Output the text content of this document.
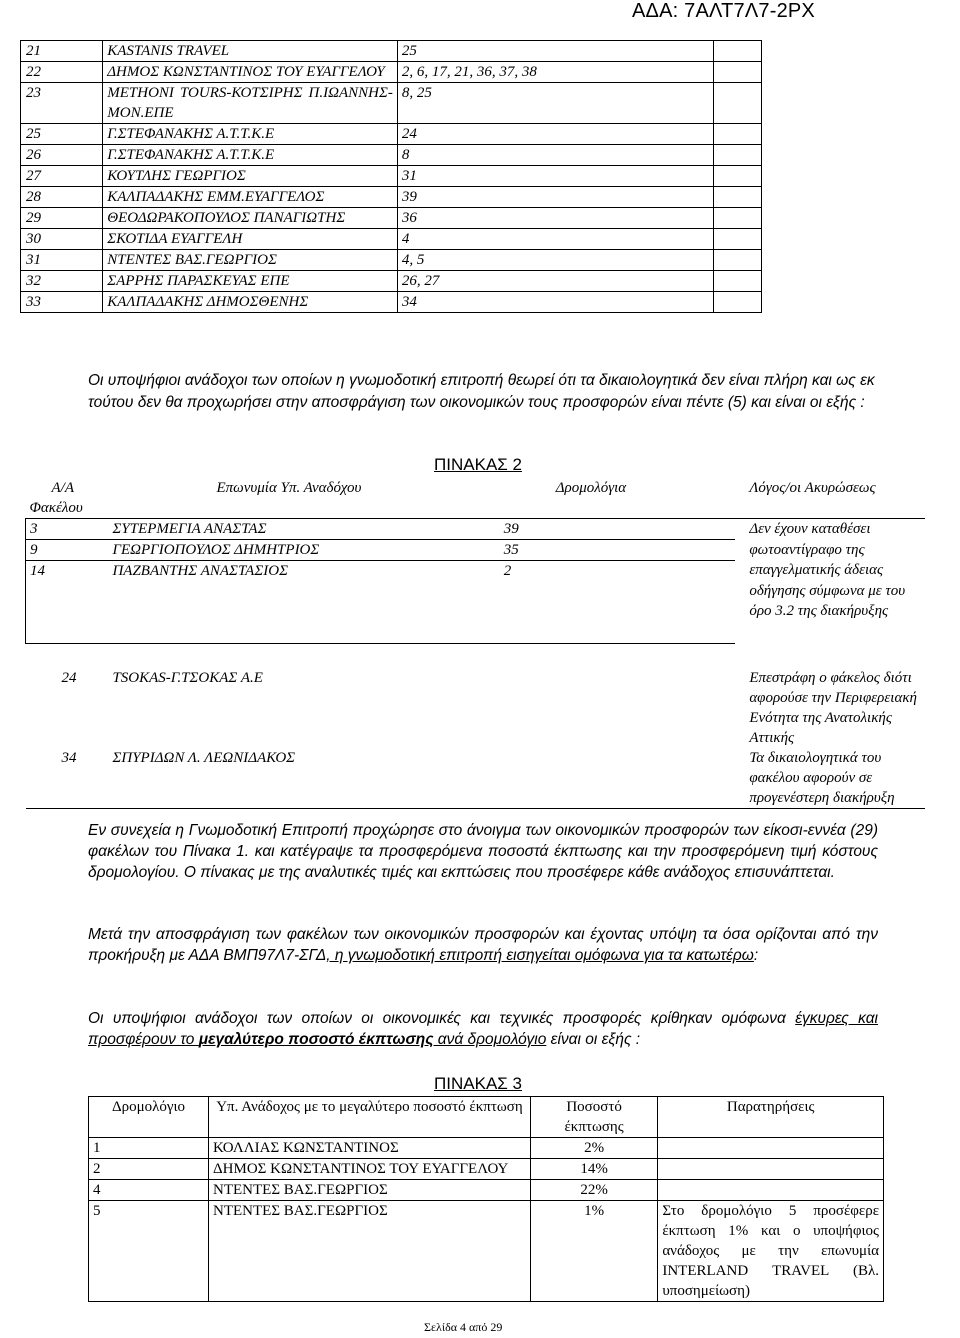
ΑΔΑ: 7ΑΛΤ7Λ7-2ΡΧ
21	KASTANIS TRAVEL	25	
22	ΔΗΜΟΣ ΚΩΝΣΤΑΝΤΙΝΟΣ ΤΟΥ ΕΥΑΓΓΕΛΟΥ	2, 6, 17, 21, 36, 37, 38	
23	ΜΕΤΗΟΝΙ TOURS-ΚΟΤΣΙΡΗΣ Π.ΙΩΑΝΝΗΣ- ΜΟΝ.ΕΠΕ	8, 25	
25	Γ.ΣΤΕΦΑΝΑΚΗΣ Α.Τ.Τ.Κ.Ε	24	
26	Γ.ΣΤΕΦΑΝΑΚΗΣ Α.Τ.Τ.Κ.Ε	8	
27	ΚΟΥΤΛΗΣ ΓΕΩΡΓΙΟΣ	31	
28	ΚΑΛΠΑΔΑΚΗΣ ΕΜΜ.ΕΥΑΓΓΕΛΟΣ	39	
29	ΘΕΟΔΩΡΑΚΟΠΟΥΛΟΣ ΠΑΝΑΓΙΩΤΗΣ	36	
30	ΣΚΟΤΙΔΑ ΕΥΑΓΓΕΛΗ	4	
31	ΝΤΕΝΤΕΣ ΒΑΣ.ΓΕΩΡΓΙΟΣ	4, 5	
32	ΣΑΡΡΗΣ ΠΑΡΑΣΚΕΥΑΣ ΕΠΕ	26, 27	
33	ΚΑΛΠΑΔΑΚΗΣ ΔΗΜΟΣΘΕΝΗΣ	34	
Οι υποψήφιοι ανάδοχοι των οποίων η γνωμοδοτική επιτροπή θεωρεί ότι τα δικαιολογητικά δεν είναι πλήρη και ως εκ τούτου δεν θα προχωρήσει στην αποσφράγιση των οικονομικών τους προσφορών είναι πέντε (5) και είναι οι εξής :
ΠΙΝΑΚΑΣ 2
Α/Α
Φακέλου	Επωνυμία Υπ. Αναδόχου	Δρομολόγια	Λόγος/οι Ακυρώσεως
3	ΣΥΤΕΡΜΕΓΙΑ ΑΝΑΣΤΑΣ	39	Δεν έχουν καταθέσει φωτοαντίγραφο της επαγγελματικής άδειας οδήγησης σύμφωνα με του όρο 3.2 της διακήρυξης
9	ΓΕΩΡΓΙΟΠΟΥΛΟΣ ΔΗΜΗΤΡΙΟΣ	35	
14	ΠΑΖΒΑΝΤΗΣ ΑΝΑΣΤΑΣΙΟΣ	2	
24	TSOKAS-Γ.ΤΣΟΚΑΣ Α.Ε		Επεστράφη ο φάκελος διότι αφορούσε την Περιφερειακή Ενότητα της Ανατολικής Αττικής
34	ΣΠΥΡΙΔΩΝ Λ. ΛΕΩΝΙΔΑΚΟΣ		Τα δικαιολογητικά του φακέλου αφορούν σε προγενέστερη διακήρυξη
Εν συνεχεία η Γνωμοδοτική Επιτροπή προχώρησε στο άνοιγμα των οικονομικών προσφορών των είκοσι-εννέα (29) φακέλων του Πίνακα 1. και κατέγραψε τα προσφερόμενα ποσοστά έκπτωσης και την προσφερόμενη τιμή κόστους δρομολογίου. Ο πίνακας με της αναλυτικές τιμές και εκπτώσεις που προσέφερε κάθε ανάδοχος επισυνάπτεται.
Μετά την αποσφράγιση των φακέλων των οικονομικών προσφορών και έχοντας υπόψη τα όσα ορίζονται από την προκήρυξη με ΑΔΑ ΒΜΠ97Λ7-ΣΓΔ, η γνωμοδοτική επιτροπή εισηγείται ομόφωνα για τα κατωτέρω:
Οι υποψήφιοι ανάδοχοι των οποίων οι οικονομικές και τεχνικές προσφορές κρίθηκαν ομόφωνα έγκυρες και προσφέρουν το μεγαλύτερο ποσοστό έκπτωσης ανά δρομολόγιο είναι οι εξής :
ΠΙΝΑΚΑΣ 3
Δρομολόγιο	Υπ. Ανάδοχος με το μεγαλύτερο ποσοστό έκπτωση	Ποσοστό έκπτωσης	Παρατηρήσεις
1	ΚΟΛΛΙΑΣ ΚΩΝΣΤΑΝΤΙΝΟΣ	2%	
2	ΔΗΜΟΣ ΚΩΝΣΤΑΝΤΙΝΟΣ ΤΟΥ ΕΥΑΓΓΕΛΟΥ	14%	
4	ΝΤΕΝΤΕΣ ΒΑΣ.ΓΕΩΡΓΙΟΣ	22%	
5	ΝΤΕΝΤΕΣ ΒΑΣ.ΓΕΩΡΓΙΟΣ	1%	Στο δρομολόγιο 5 προσέφερε έκπτωση 1% και ο υποψήφιος ανάδοχος με την επωνυμία INTERLAND TRAVEL (Βλ. υποσημείωση)
Σελίδα 4 από 29
